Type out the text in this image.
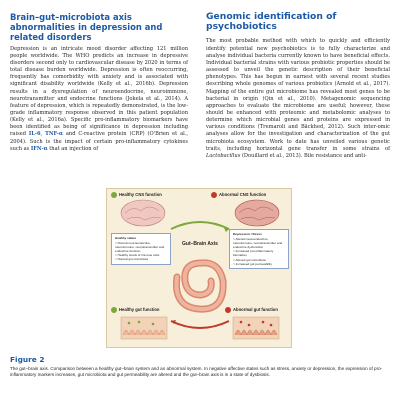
Brain–gut–microbiota axis abnormalities in depression and related disorders
Depression is an intricate mood disorder affecting 121 million people worldwide. The WHO predicts an increase in depressive disorders second only to cardiovascular disease by 2020 in terms of total disease burden worldwide. Depression is often reoccurring, frequently has comorbidity with anxiety and is associated with significant disability worldwide (Kelly et al., 2016b). Depression results in a dysregulation of neuroendocrine, neuroimmune, neurotransmitter and endocrine functions (Jokela et al., 2014). A feature of depression, which is repeatedly demonstrated, is the low-grade inflammatory response observed in this patient population (Kelly et al., 2016a). Specific pro-inflammatory biomarkers have been identified as being of significance in depression including raised IL-6, TNF-α and C-reactive protein (CRP) (O'Brien et al., 2004). Such is the impact of certain pro-inflammatory cytokines such as IFN-α that an injection of
Genomic identification of psychobiotics
The most probable method with which to quickly and efficiently identify potential new psychobiotics is to fully characterize and analyse individual bacteria currently known to have beneficial effects. Individual bacterial strains with various probiotic properties should be assessed to unveil the genetic description of their beneficial phenotypes. This has begun in earnest with several recent studies describing whole genomes of various probiotics (Arnold et al., 2017). Mapping of the entire gut microbiome has revealed most genes to be bacterial in origin (Qin et al., 2010). Metagenomic sequencing approaches to evaluate the microbiome are useful; however, these should be enhanced with proteomic and metabolomic analyses to determine which microbial genes and proteins are expressed in various conditions (Tremaroli and Bäckhed, 2012). Such inter-omic analyses allow for the investigation and characterization of the gut microbiota ecosystem. Work to date has unveiled various genetic traits, including horizontal gene transfer in some strains of Lactobacillus (Douillard et al., 2013). Bile resistance and anti-
Healthy CNS function	Abnormal CNS function
Healthy status
> Normal neuroendocrine, neuroimmune, neurotransmitter and endocrine function
> Healthy levels of immune cells
> Normal gut microbiota
Gut–Brain Axis
Depression / Stress
> Altered neuroendocrine, neuroimmune, neurotransmitter and endocrine dysfunction
> Increased pro-inflammatory biomarker
> Altered gut microbiota
> Increased gut permeability
Healthy gut function	Abnormal gut function
Figure 2
The gut–brain axis. Comparison between a healthy gut–brain system and an abnormal system. In negative affective states such as stress, anxiety or depression, the expression of pro-inflammatory markers increases, gut microbiota and gut permeability are altered and the gut–brain axis is in a state of dysbiosis.
